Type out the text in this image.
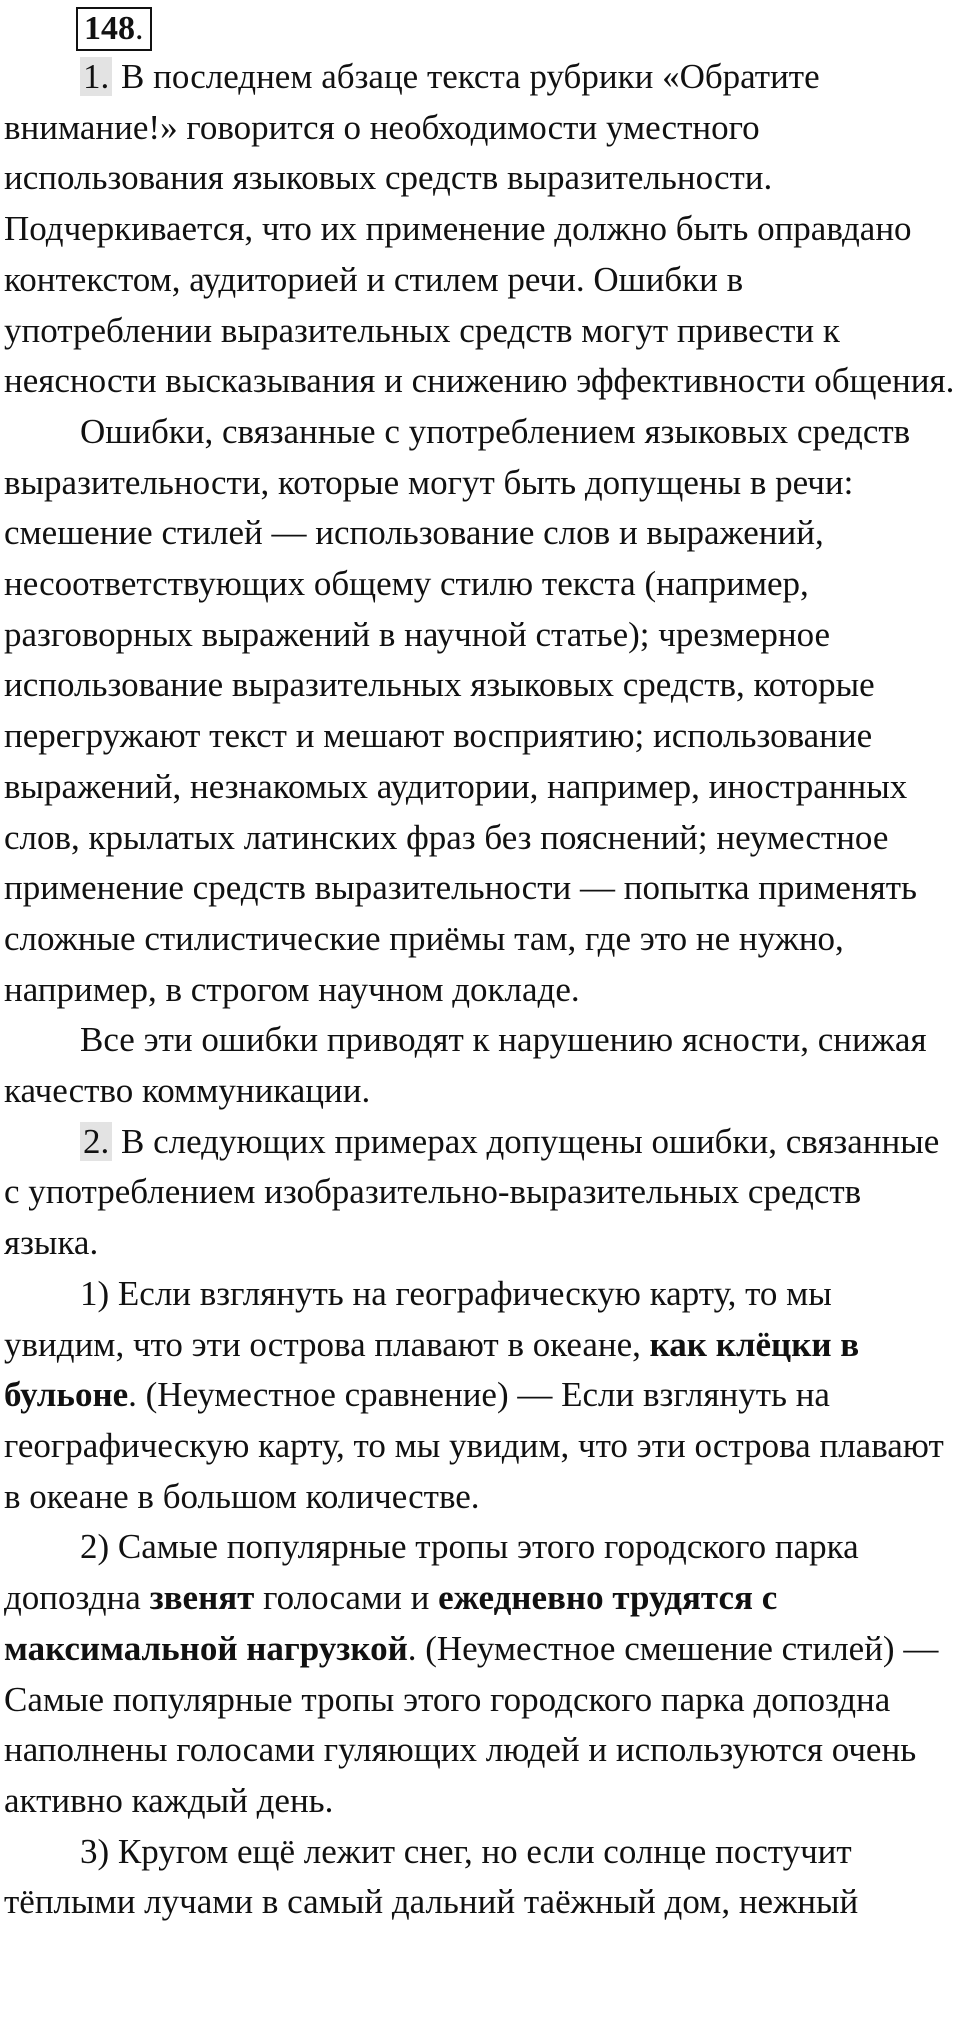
148.

1. В последнем абзаце текста рубрики «Обратите внимание!» говорится о необходимости уместного использования языковых средств выразительности. Подчеркивается, что их применение должно быть оправдано контекстом, аудиторией и стилем речи. Ошибки в употреблении выразительных средств могут привести к неясности высказывания и снижению эффективности общения.

Ошибки, связанные с употреблением языковых средств выразительности, которые могут быть допущены в речи: смешение стилей — использование слов и выражений, несоответствующих общему стилю текста (например, разговорных выражений в научной статье); чрезмерное использование выразительных языковых средств, которые перегружают текст и мешают восприятию; использование выражений, незнакомых аудитории, например, иностранных слов, крылатых латинских фраз без пояснений; неуместное применение средств выразительности — попытка применять сложные стилистические приёмы там, где это не нужно, например, в строгом научном докладе.

Все эти ошибки приводят к нарушению ясности, снижая качество коммуникации.

2. В следующих примерах допущены ошибки, связанные с употреблением изобразительно-выразительных средств языка.

1) Если взглянуть на географическую карту, то мы увидим, что эти острова плавают в океане, как клёцки в бульоне. (Неуместное сравнение) — Если взглянуть на географическую карту, то мы увидим, что эти острова плавают в океане в большом количестве.

2) Самые популярные тропы этого городского парка допоздна звенят голосами и ежедневно трудятся с максимальной нагрузкой. (Неуместное смешение стилей) — Самые популярные тропы этого городского парка допоздна наполнены голосами гуляющих людей и используются очень активно каждый день.

3) Кругом ещё лежит снег, но если солнце постучит тёплыми лучами в самый дальний таёжный дом, нежный
